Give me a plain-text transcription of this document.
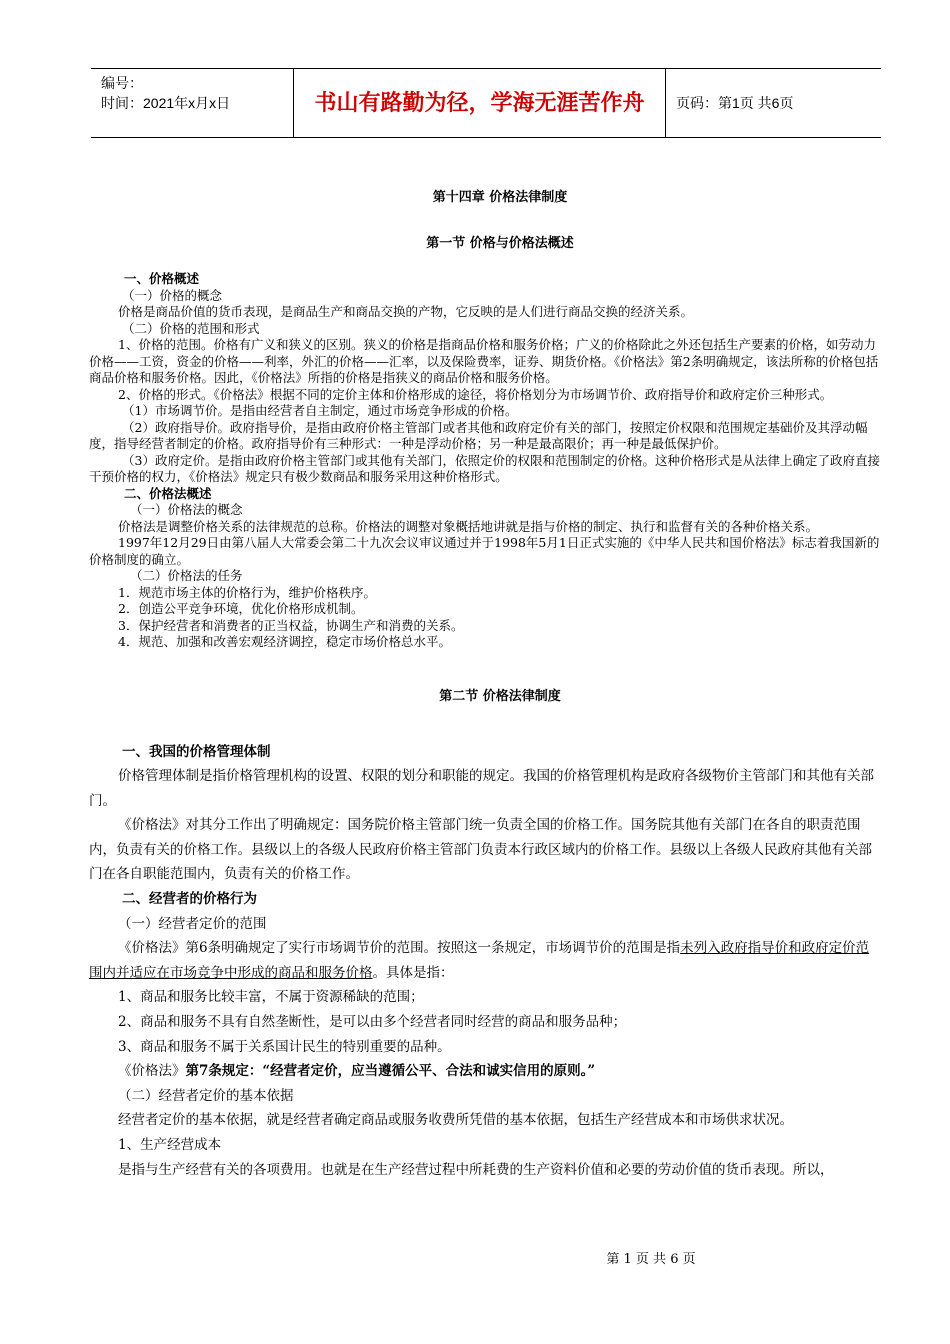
编号：
时间：2021年x月x日	书山有路勤为径，学海无涯苦作舟	页码：第1页 共6页

第十四章 价格法律制度

第一节 价格与价格法概述

一、价格概述

（一）价格的概念

价格是商品价值的货币表现，是商品生产和商品交换的产物，它反映的是人们进行商品交换的经济关系。

（二）价格的范围和形式

1、价格的范围。价格有广义和狭义的区别。狭义的价格是指商品价格和服务价格；广义的价格除此之外还包括生产要素的价格，如劳动力价格——工资，资金的价格——利率，外汇的价格——汇率，以及保险费率，证券、期货价格。《价格法》第2条明确规定，该法所称的价格包括商品价格和服务价格。因此，《价格法》所指的价格是指狭义的商品价格和服务价格。

2、价格的形式。《价格法》根据不同的定价主体和价格形成的途径，将价格划分为市场调节价、政府指导价和政府定价三种形式。

（1）市场调节价。是指由经营者自主制定，通过市场竞争形成的价格。

（2）政府指导价。政府指导价，是指由政府价格主管部门或者其他和政府定价有关的部门，按照定价权限和范围规定基础价及其浮动幅度，指导经营者制定的价格。政府指导价有三种形式：一种是浮动价格；另一种是最高限价；再一种是最低保护价。

（3）政府定价。是指由政府价格主管部门或其他有关部门，依照定价的权限和范围制定的价格。这种价格形式是从法律上确定了政府直接干预价格的权力，《价格法》规定只有极少数商品和服务采用这种价格形式。

二、价格法概述

（一）价格法的概念

价格法是调整价格关系的法律规范的总称。价格法的调整对象概括地讲就是指与价格的制定、执行和监督有关的各种价格关系。

1997年12月29日由第八届人大常委会第二十九次会议审议通过并于1998年5月1日正式实施的《中华人民共和国价格法》标志着我国新的价格制度的确立。

（二）价格法的任务

1．规范市场主体的价格行为，维护价格秩序。

2．创造公平竞争环境，优化价格形成机制。

3．保护经营者和消费者的正当权益，协调生产和消费的关系。

4．规范、加强和改善宏观经济调控，稳定市场价格总水平。

第二节 价格法律制度

一、我国的价格管理体制

价格管理体制是指价格管理机构的设置、权限的划分和职能的规定。我国的价格管理机构是政府各级物价主管部门和其他有关部门。

《价格法》对其分工作出了明确规定：国务院价格主管部门统一负责全国的价格工作。国务院其他有关部门在各自的职责范围内，负责有关的价格工作。县级以上的各级人民政府价格主管部门负责本行政区域内的价格工作。县级以上各级人民政府其他有关部门在各自职能范围内，负责有关的价格工作。

二、经营者的价格行为

（一）经营者定价的范围

《价格法》第6条明确规定了实行市场调节价的范围。按照这一条规定，市场调节价的范围是指未列入政府指导价和政府定价范围内并适应在市场竞争中形成的商品和服务价格。具体是指：

1、商品和服务比较丰富，不属于资源稀缺的范围；

2、商品和服务不具有自然垄断性，是可以由多个经营者同时经营的商品和服务品种；

3、商品和服务不属于关系国计民生的特别重要的品种。

《价格法》第7条规定：“经营者定价，应当遵循公平、合法和诚实信用的原则。”

（二）经营者定价的基本依据

经营者定价的基本依据，就是经营者确定商品或服务收费所凭借的基本依据，包括生产经营成本和市场供求状况。

1、生产经营成本

是指与生产经营有关的各项费用。也就是在生产经营过程中所耗费的生产资料价值和必要的劳动价值的货币表现。所以，

第 1 页 共 6 页
